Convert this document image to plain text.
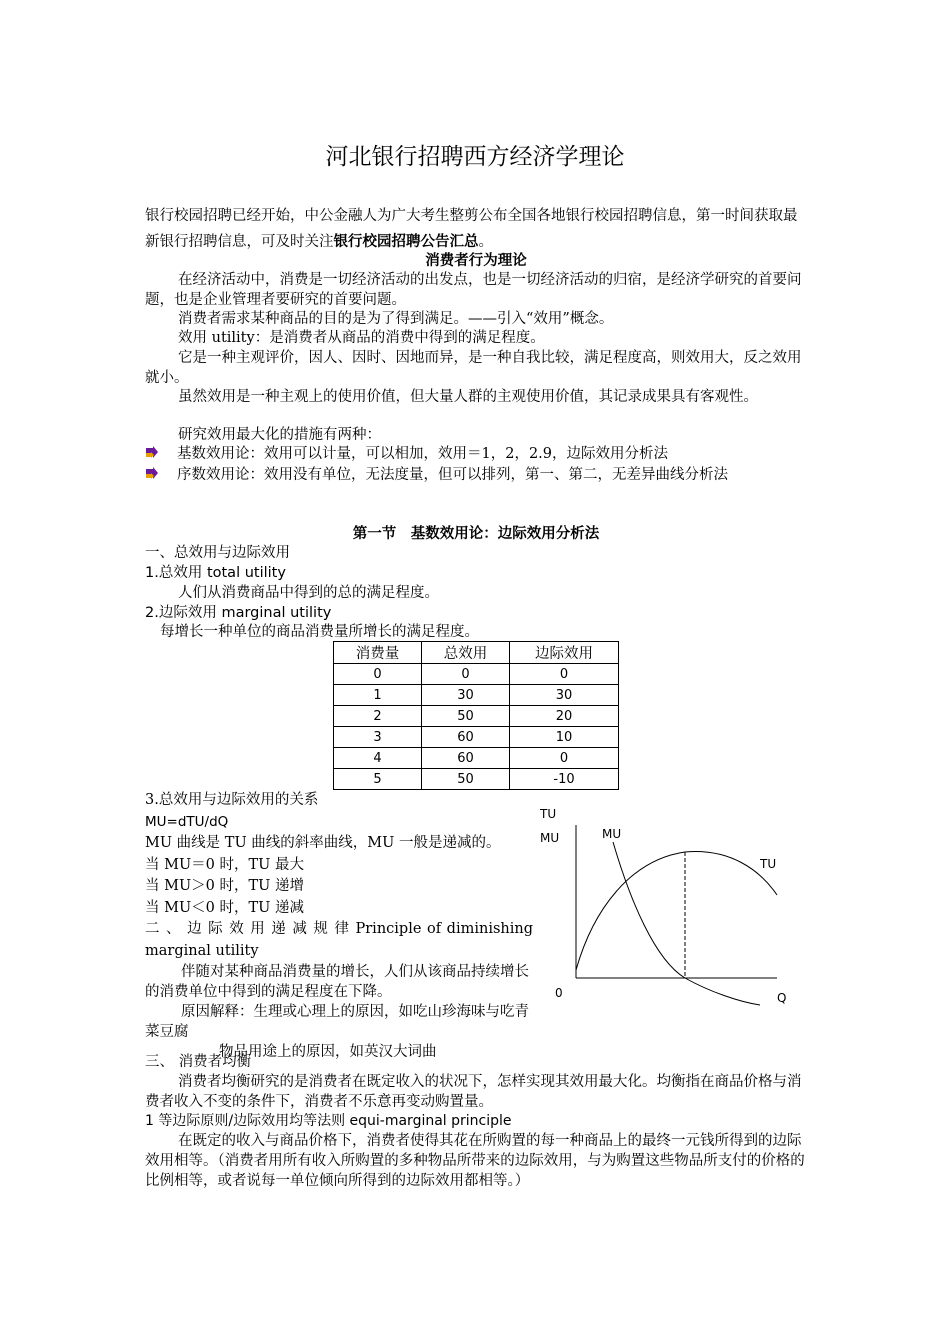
河北银行招聘西方经济学理论

银行校园招聘已经开始，中公金融人为广大考生整剪公布全国各地银行校园招聘信息，第一时间获取最新银行招聘信息，可及时关注银行校园招聘公告汇总。

消费者行为理论

在经济活动中，消费是一切经济活动的出发点，也是一切经济活动的归宿，是经济学研究的首要问题，也是企业管理者要研究的首要问题。

消费者需求某种商品的目的是为了得到满足。——引入“效用”概念。

效用 utility：是消费者从商品的消费中得到的满足程度。

它是一种主观评价，因人、因时、因地而异，是一种自我比较，满足程度高，则效用大，反之效用就小。

虽然效用是一种主观上的使用价值，但大量人群的主观使用价值，其记录成果具有客观性。

研究效用最大化的措施有两种：

基数效用论：效用可以计量，可以相加，效用＝1，2，2.9，边际效用分析法
序数效用论：效用没有单位，无法度量，但可以排列，第一、第二，无差异曲线分析法

第一节　基数效用论：边际效用分析法

一、总效用与边际效用

1.总效用 total utility

人们从消费商品中得到的总的满足程度。

2.边际效用 marginal utility

每增长一种单位的商品消费量所增长的满足程度。

消费量	总效用	边际效用
0	0	0
1	30	30
2	50	20
3	60	10
4	60	0
5	50	-10
3.总效用与边际效用的关系
MU=dTU/dQ
MU 曲线是 TU 曲线的斜率曲线，MU 一般是递减的。
当 MU＝0 时，TU 最大
当 MU＞0 时，TU 递增
当 MU＜0 时，TU 递减
二 、 边 际 效 用 递 减 规 律 Principle of diminishing marginal utility
伴随对某种商品消费量的增长，人们从该商品持续增长的消费单位中得到的满足程度在下降。
原因解释：生理或心理上的原因，如吃山珍海味与吃青菜豆腐
物品用途上的原因，如英汉大词曲
TU
MU	MU
TU
0	Q

三、 消费者均衡

消费者均衡研究的是消费者在既定收入的状况下，怎样实现其效用最大化。均衡指在商品价格与消费者收入不变的条件下，消费者不乐意再变动购置量。

1 等边际原则/边际效用均等法则 equi-marginal principle

在既定的收入与商品价格下，消费者使得其花在所购置的每一种商品上的最终一元钱所得到的边际效用相等。（消费者用所有收入所购置的多种物品所带来的边际效用，与为购置这些物品所支付的价格的比例相等，或者说每一单位倾向所得到的边际效用都相等。）
